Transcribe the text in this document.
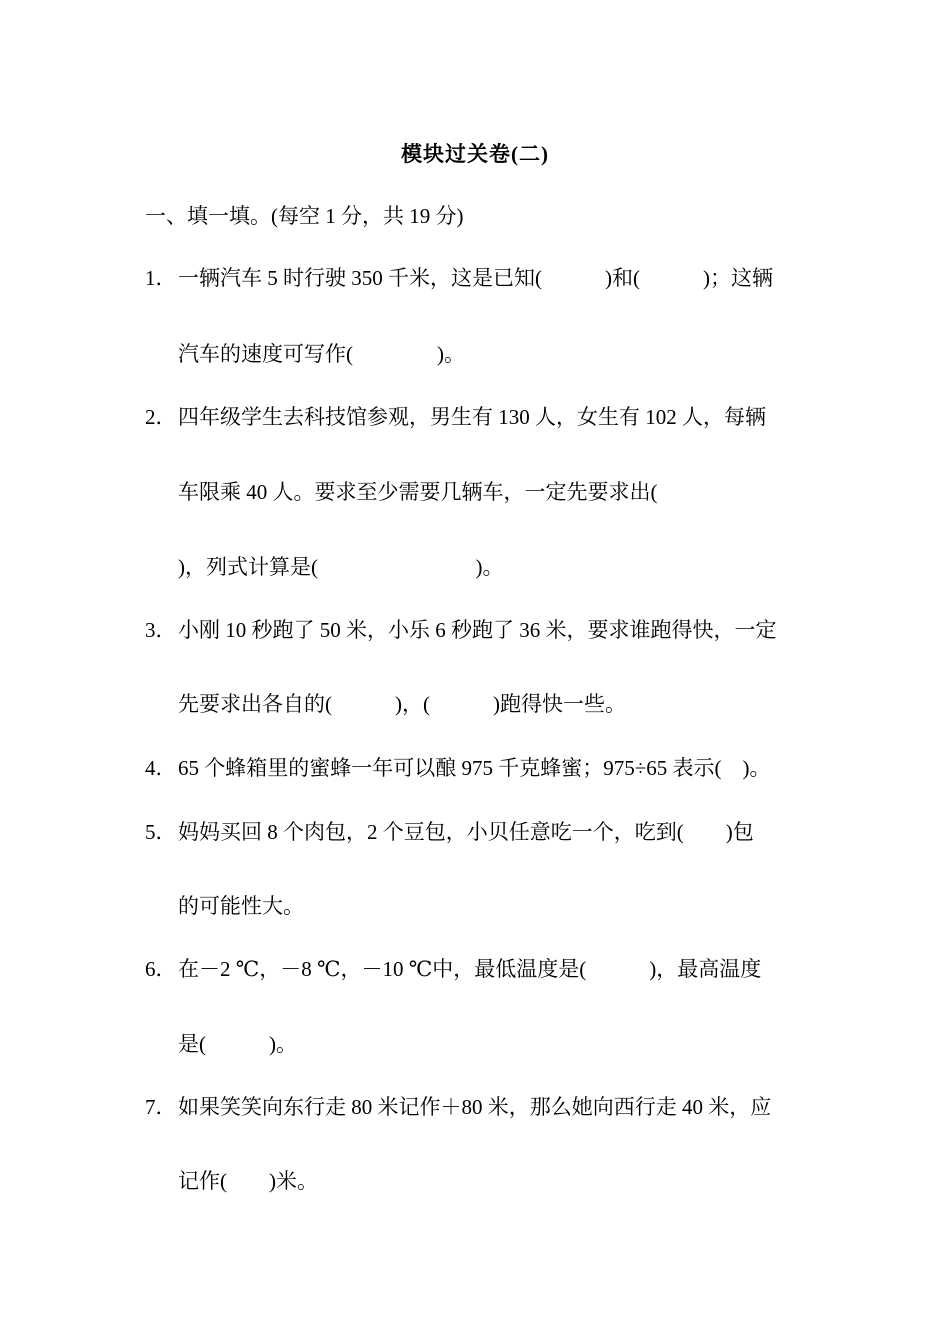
模块过关卷(二)
一、填一填。(每空 1 分，共 19 分)
1． 一辆汽车 5 时行驶 350 千米，这是已知(            )和(            )；这辆
汽车的速度可写作(                )。
2． 四年级学生去科技馆参观，男生有 130 人，女生有 102 人，每辆
车限乘 40 人。要求至少需要几辆车，一定先要求出(
)，列式计算是(                              )。
3． 小刚 10 秒跑了 50 米，小乐 6 秒跑了 36 米，要求谁跑得快，一定
先要求出各自的(            )，(            )跑得快一些。
4． 65 个蜂箱里的蜜蜂一年可以酿 975 千克蜂蜜；975÷65 表示(    )。
5． 妈妈买回 8 个肉包，2 个豆包，小贝任意吃一个，吃到(        )包
的可能性大。
6． 在－2 ℃，－8 ℃，－10 ℃中，最低温度是(            )，最高温度
是(            )。
7． 如果笑笑向东行走 80 米记作＋80 米，那么她向西行走 40 米，应
记作(        )米。
